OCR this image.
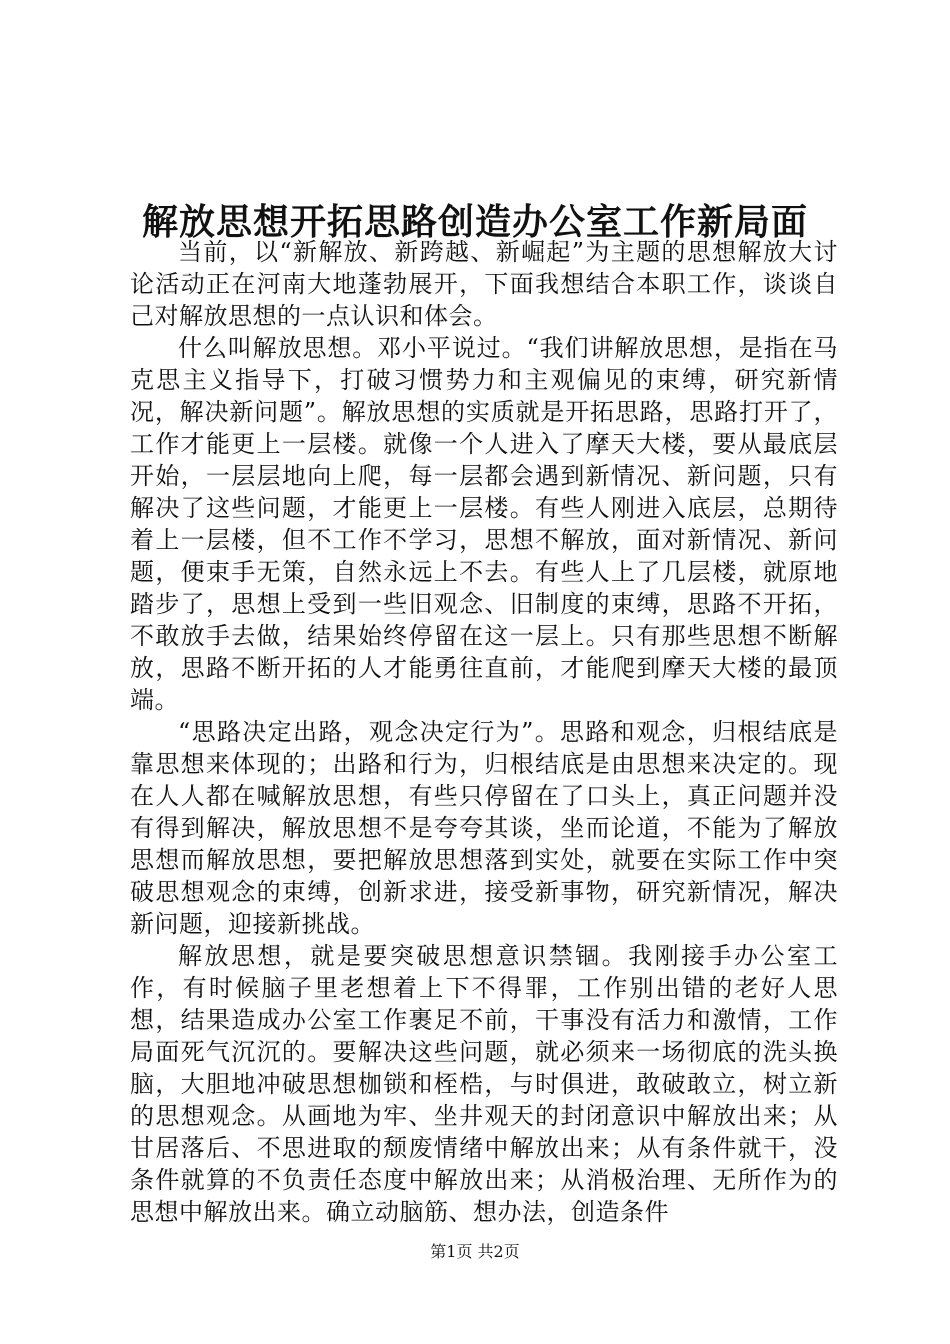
解放思想开拓思路创造办公室工作新局面

当前，以“新解放、新跨越、新崛起”为主题的思想解放大讨论活动正在河南大地蓬勃展开，下面我想结合本职工作，谈谈自己对解放思想的一点认识和体会。

什么叫解放思想。邓小平说过。“我们讲解放思想，是指在马克思主义指导下，打破习惯势力和主观偏见的束缚，研究新情况，解决新问题”。解放思想的实质就是开拓思路，思路打开了，工作才能更上一层楼。就像一个人进入了摩天大楼，要从最底层开始，一层层地向上爬，每一层都会遇到新情况、新问题，只有解决了这些问题，才能更上一层楼。有些人刚进入底层，总期待着上一层楼，但不工作不学习，思想不解放，面对新情况、新问题，便束手无策，自然永远上不去。有些人上了几层楼，就原地踏步了，思想上受到一些旧观念、旧制度的束缚，思路不开拓，不敢放手去做，结果始终停留在这一层上。只有那些思想不断解放，思路不断开拓的人才能勇往直前，才能爬到摩天大楼的最顶端。

“思路决定出路，观念决定行为”。思路和观念，归根结底是靠思想来体现的；出路和行为，归根结底是由思想来决定的。现在人人都在喊解放思想，有些只停留在了口头上，真正问题并没有得到解决，解放思想不是夸夸其谈，坐而论道，不能为了解放思想而解放思想，要把解放思想落到实处，就要在实际工作中突破思想观念的束缚，创新求进，接受新事物，研究新情况，解决新问题，迎接新挑战。

解放思想，就是要突破思想意识禁锢。我刚接手办公室工作，有时候脑子里老想着上下不得罪，工作别出错的老好人思想，结果造成办公室工作裹足不前，干事没有活力和激情，工作局面死气沉沉的。要解决这些问题，就必须来一场彻底的洗头换脑，大胆地冲破思想枷锁和桎梏，与时俱进，敢破敢立，树立新的思想观念。从画地为牢、坐井观天的封闭意识中解放出来；从甘居落后、不思进取的颓废情绪中解放出来；从有条件就干，没条件就算的不负责任态度中解放出来；从消极治理、无所作为的思想中解放出来。确立动脑筋、想办法，创造条件

第1页 共2页
